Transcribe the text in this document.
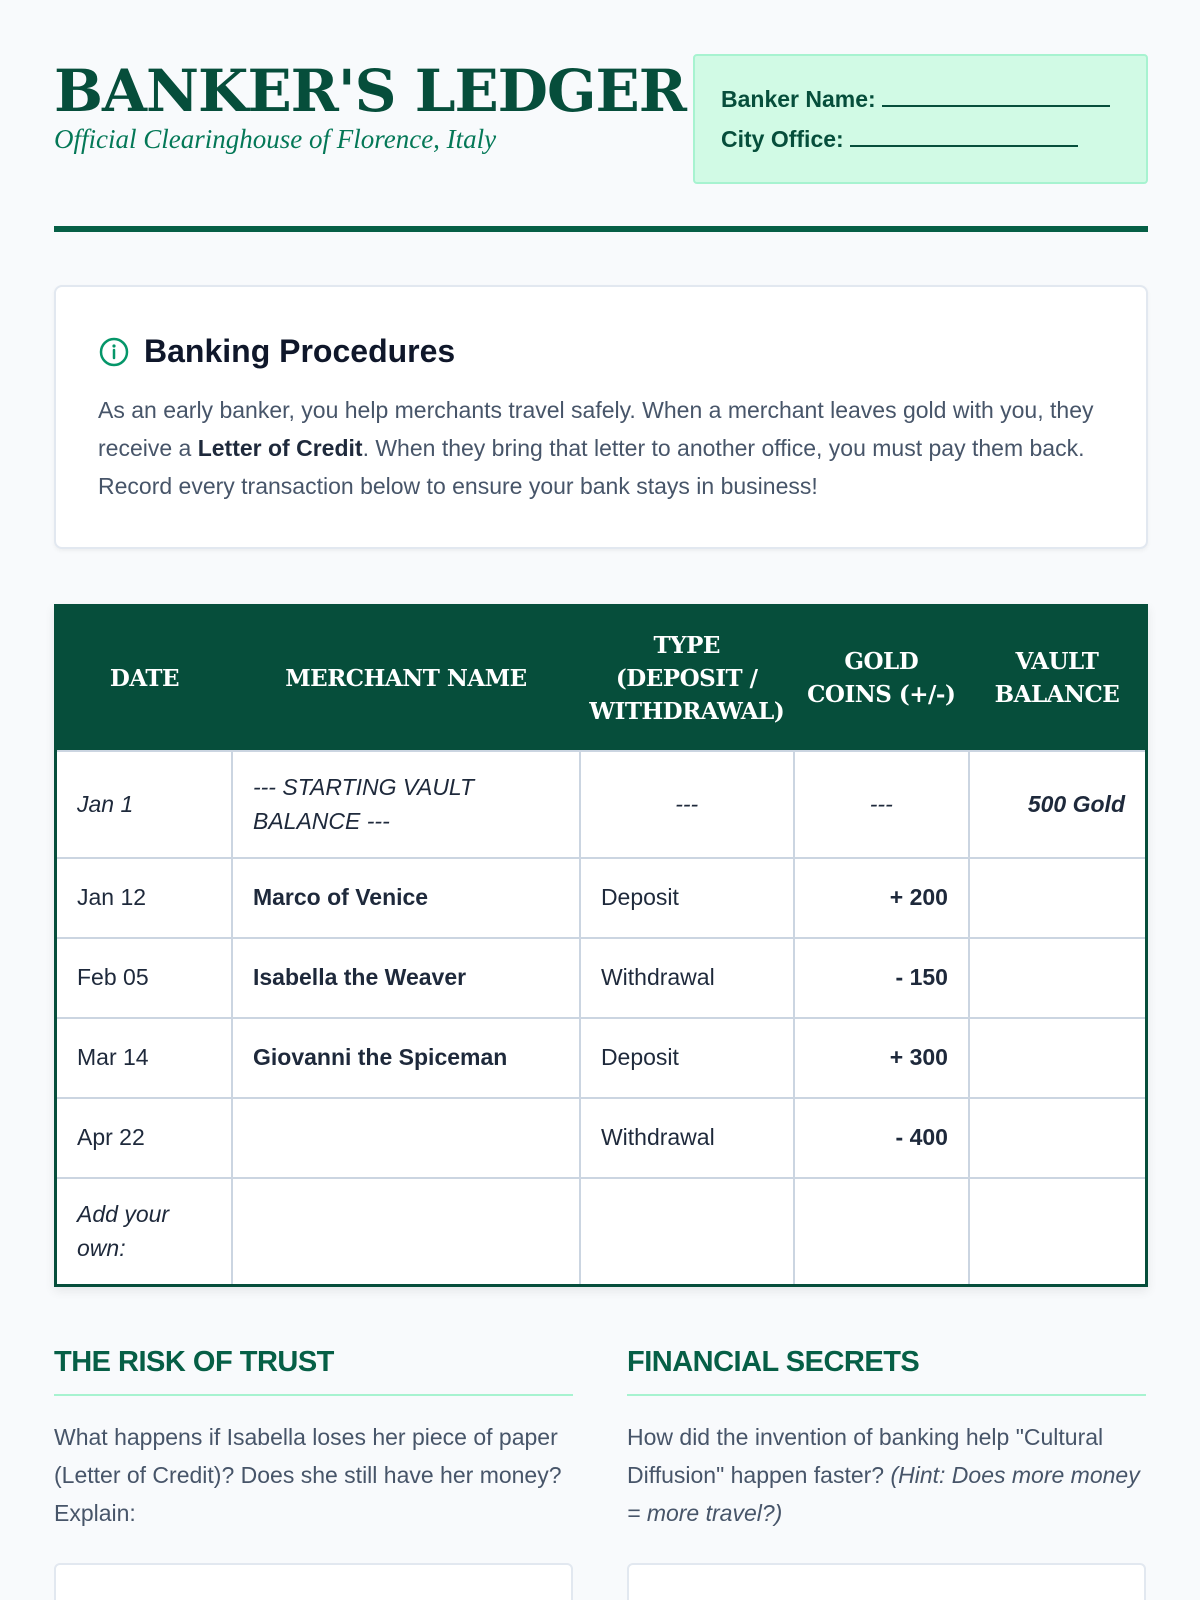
BANKER'S LEDGER
Official Clearinghouse of Florence, Italy
Banker Name:
City Office:
Banking Procedures

As an early banker, you help merchants travel safely. When a merchant leaves gold with you, they receive a Letter of Credit. When they bring that letter to another office, you must pay them back. Record every transaction below to ensure your bank stays in business!

DATE	MERCHANT NAME	TYPE (DEPOSIT / WITHDRAWAL)	GOLD COINS (+/-)	VAULT BALANCE
Jan 1	--- STARTING VAULT BALANCE ---	---	---	500 Gold
Jan 12	Marco of Venice	Deposit	+ 200	
Feb 05	Isabella the Weaver	Withdrawal	- 150	
Mar 14	Giovanni the Spiceman	Deposit	+ 300	
Apr 22		Withdrawal	- 400	
Add your own:				
THE RISK OF TRUST

What happens if Isabella loses her piece of paper (Letter of Credit)? Does she still have her money? Explain:

FINANCIAL SECRETS

How did the invention of banking help "Cultural Diffusion" happen faster? (Hint: Does more money = more travel?)
